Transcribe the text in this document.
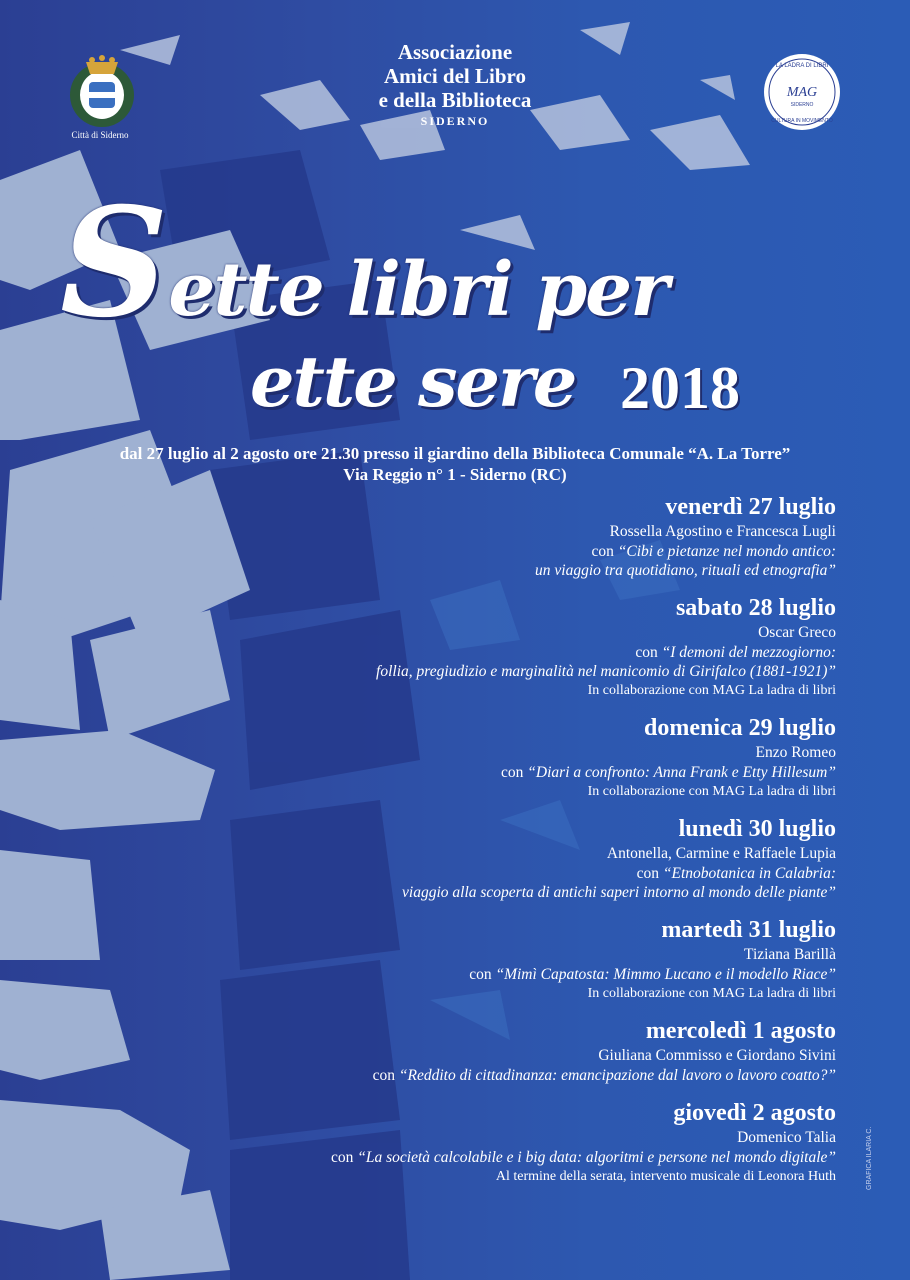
Città di Siderno
Associazione
Amici del Libro
e della Biblioteca
SIDERNO
LA LADRA DI LIBRI
MAG
SIDERNO
CULTURA IN MOVIMENTO
Sette libri per
ette sere 2018
dal 27 luglio al 2 agosto ore 21.30 presso il giardino della Biblioteca Comunale “A. La Torre”
Via Reggio n° 1 - Siderno (RC)
venerdì 27 luglio
Rossella Agostino e Francesca Lugli
con “Cibi e pietanze nel mondo antico:
un viaggio tra quotidiano, rituali ed etnografia”
sabato 28 luglio
Oscar Greco
con “I demoni del mezzogiorno:
follia, pregiudizio e marginalità nel manicomio di Girifalco (1881-1921)”
In collaborazione con MAG La ladra di libri
domenica 29 luglio
Enzo Romeo
con “Diari a confronto: Anna Frank e Etty Hillesum”
In collaborazione con MAG La ladra di libri
lunedì 30 luglio
Antonella, Carmine e Raffaele Lupia
con “Etnobotanica in Calabria:
viaggio alla scoperta di antichi saperi intorno al mondo delle piante”
martedì 31 luglio
Tiziana Barillà
con “Mimì Capatosta: Mimmo Lucano e il modello Riace”
In collaborazione con MAG La ladra di libri
mercoledì 1 agosto
Giuliana Commisso e Giordano Sivini
con “Reddito di cittadinanza: emancipazione dal lavoro o lavoro coatto?”
giovedì 2 agosto
Domenico Talia
con “La società calcolabile e i big data: algoritmi e persone nel mondo digitale”
Al termine della serata, intervento musicale di Leonora Huth	GRAFICA ILARIA C.
